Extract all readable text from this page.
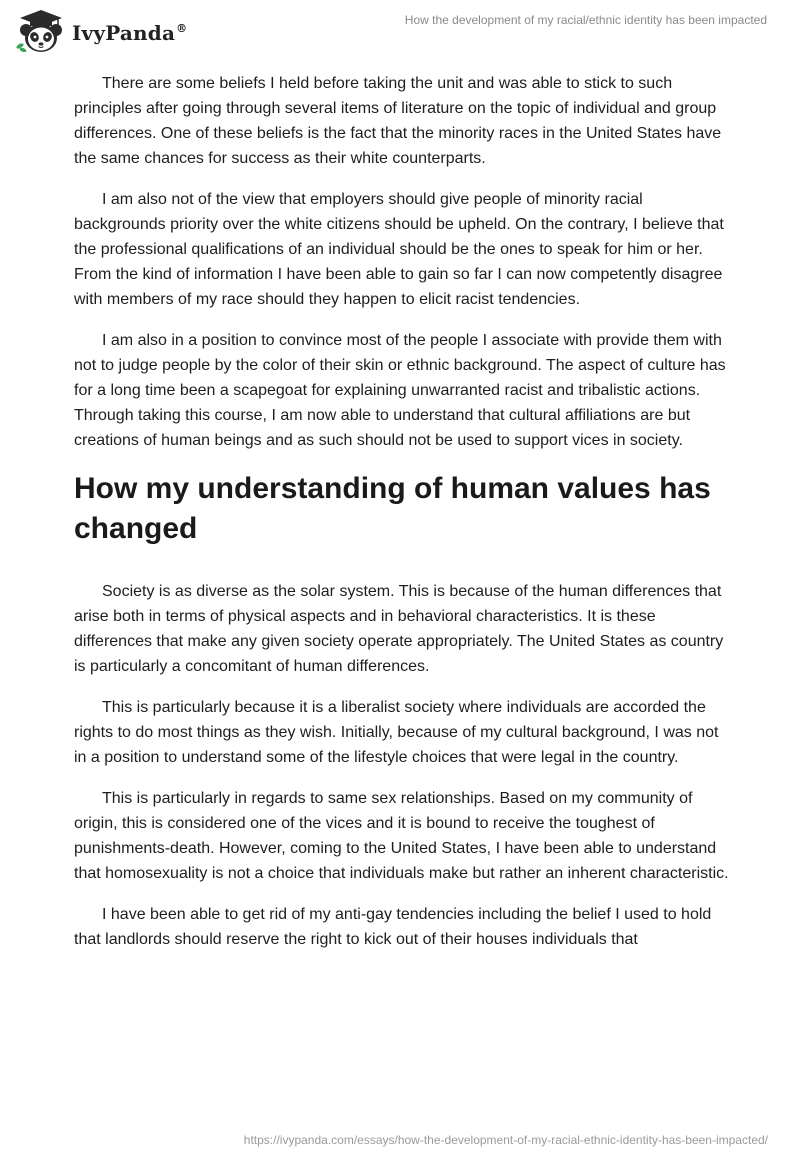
IvyPanda®
How the development of my racial/ethnic identity has been impacted

There are some beliefs I held before taking the unit and was able to stick to such principles after going through several items of literature on the topic of individual and group differences. One of these beliefs is the fact that the minority races in the United States have the same chances for success as their white counterparts.

I am also not of the view that employers should give people of minority racial backgrounds priority over the white citizens should be upheld. On the contrary, I believe that the professional qualifications of an individual should be the ones to speak for him or her. From the kind of information I have been able to gain so far I can now competently disagree with members of my race should they happen to elicit racist tendencies.

I am also in a position to convince most of the people I associate with provide them with not to judge people by the color of their skin or ethnic background. The aspect of culture has for a long time been a scapegoat for explaining unwarranted racist and tribalistic actions. Through taking this course, I am now able to understand that cultural affiliations are but creations of human beings and as such should not be used to support vices in society.

How my understanding of human values has changed

Society is as diverse as the solar system. This is because of the human differences that arise both in terms of physical aspects and in behavioral characteristics. It is these differences that make any given society operate appropriately. The United States as country is particularly a concomitant of human differences.

This is particularly because it is a liberalist society where individuals are accorded the rights to do most things as they wish. Initially, because of my cultural background, I was not in a position to understand some of the lifestyle choices that were legal in the country.

This is particularly in regards to same sex relationships. Based on my community of origin, this is considered one of the vices and it is bound to receive the toughest of punishments-death. However, coming to the United States, I have been able to understand that homosexuality is not a choice that individuals make but rather an inherent characteristic.

I have been able to get rid of my anti-gay tendencies including the belief I used to hold that landlords should reserve the right to kick out of their houses individuals that

https://ivypanda.com/essays/how-the-development-of-my-racial-ethnic-identity-has-been-impacted/
